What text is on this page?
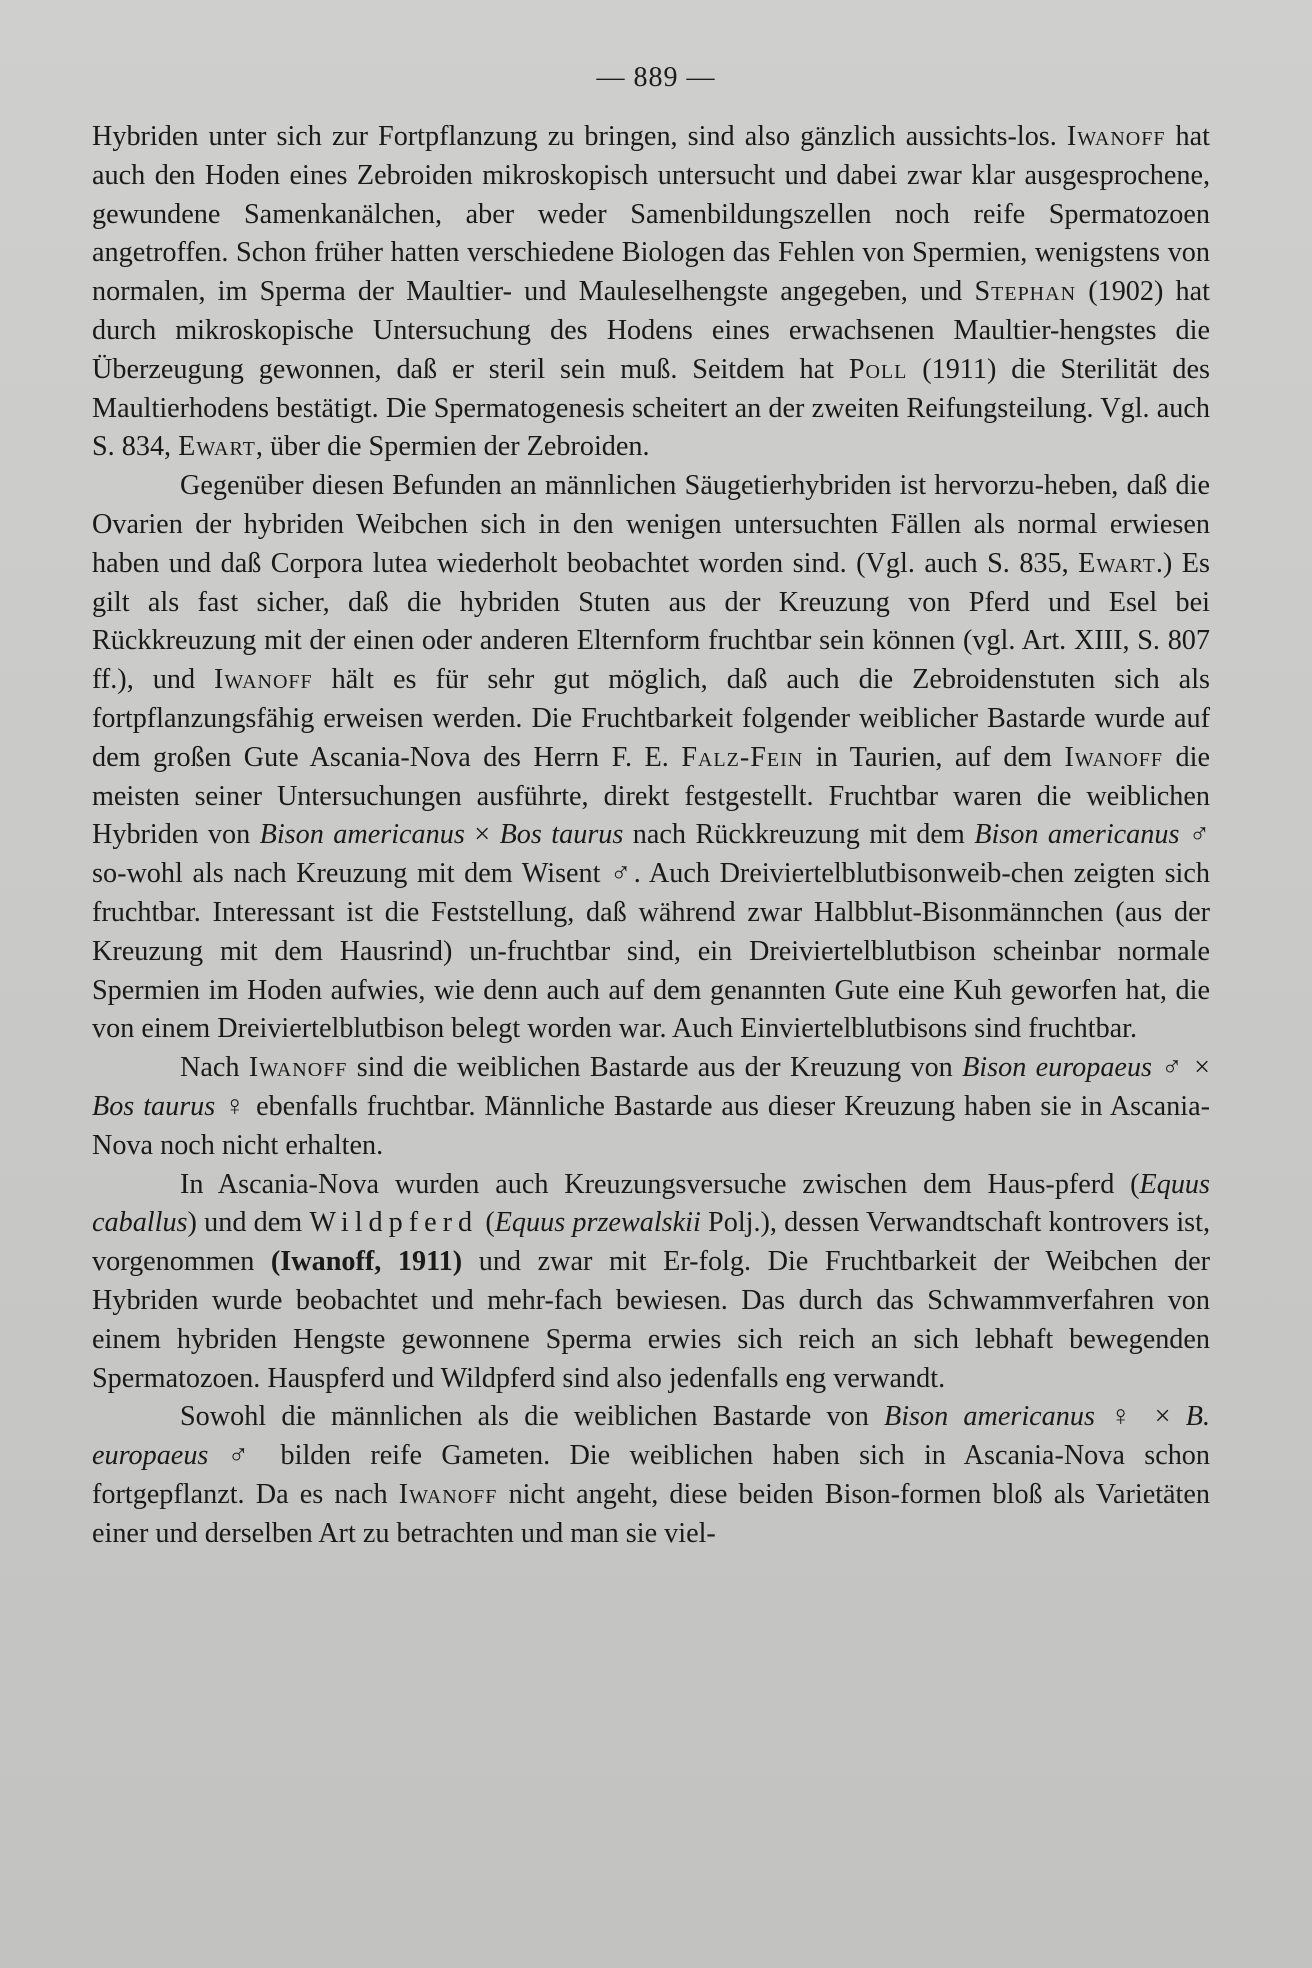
— 889 —

Hybriden unter sich zur Fortpflanzung zu bringen, sind also gänzlich aussichts-los. Iwanoff hat auch den Hoden eines Zebroiden mikroskopisch untersucht und dabei zwar klar ausgesprochene, gewundene Samenkanälchen, aber weder Samenbildungszellen noch reife Spermatozoen angetroffen. Schon früher hatten verschiedene Biologen das Fehlen von Spermien, wenigstens von normalen, im Sperma der Maultier- und Mauleselhengste angegeben, und Stephan (1902) hat durch mikroskopische Untersuchung des Hodens eines erwachsenen Maultier-hengstes die Überzeugung gewonnen, daß er steril sein muß. Seitdem hat Poll (1911) die Sterilität des Maultierhodens bestätigt. Die Spermatogenesis scheitert an der zweiten Reifungsteilung. Vgl. auch S. 834, Ewart, über die Spermien der Zebroiden.

Gegenüber diesen Befunden an männlichen Säugetierhybriden ist hervorzu-heben, daß die Ovarien der hybriden Weibchen sich in den wenigen untersuchten Fällen als normal erwiesen haben und daß Corpora lutea wiederholt beobachtet worden sind. (Vgl. auch S. 835, Ewart.) Es gilt als fast sicher, daß die hybriden Stuten aus der Kreuzung von Pferd und Esel bei Rückkreuzung mit der einen oder anderen Elternform fruchtbar sein können (vgl. Art. XIII, S. 807 ff.), und Iwanoff hält es für sehr gut möglich, daß auch die Zebroidenstuten sich als fortpflanzungsfähig erweisen werden. Die Fruchtbarkeit folgender weiblicher Bastarde wurde auf dem großen Gute Ascania-Nova des Herrn F. E. Falz-Fein in Taurien, auf dem Iwanoff die meisten seiner Untersuchungen ausführte, direkt festgestellt. Fruchtbar waren die weiblichen Hybriden von Bison americanus × Bos taurus nach Rückkreuzung mit dem Bison americanus ♂ so-wohl als nach Kreuzung mit dem Wisent ♂. Auch Dreiviertelblutbisonweib-chen zeigten sich fruchtbar. Interessant ist die Feststellung, daß während zwar Halbblut-Bisonmännchen (aus der Kreuzung mit dem Hausrind) un-fruchtbar sind, ein Dreiviertelblutbison scheinbar normale Spermien im Hoden aufwies, wie denn auch auf dem genannten Gute eine Kuh geworfen hat, die von einem Dreiviertelblutbison belegt worden war. Auch Einviertelblutbisons sind fruchtbar.

Nach Iwanoff sind die weiblichen Bastarde aus der Kreuzung von Bison europaeus ♂ × Bos taurus ♀ ebenfalls fruchtbar. Männliche Bastarde aus dieser Kreuzung haben sie in Ascania-Nova noch nicht erhalten.

In Ascania-Nova wurden auch Kreuzungsversuche zwischen dem Haus-pferd (Equus caballus) und dem Wildpferd (Equus przewalskii Polj.), dessen Verwandtschaft kontrovers ist, vorgenommen (Iwanoff, 1911) und zwar mit Er-folg. Die Fruchtbarkeit der Weibchen der Hybriden wurde beobachtet und mehr-fach bewiesen. Das durch das Schwammverfahren von einem hybriden Hengste gewonnene Sperma erwies sich reich an sich lebhaft bewegenden Spermatozoen. Hauspferd und Wildpferd sind also jedenfalls eng verwandt.

Sowohl die männlichen als die weiblichen Bastarde von Bison americanus ♀ × B. europaeus ♂ bilden reife Gameten. Die weiblichen haben sich in Ascania-Nova schon fortgepflanzt. Da es nach Iwanoff nicht angeht, diese beiden Bison-formen bloß als Varietäten einer und derselben Art zu betrachten und man sie viel-
